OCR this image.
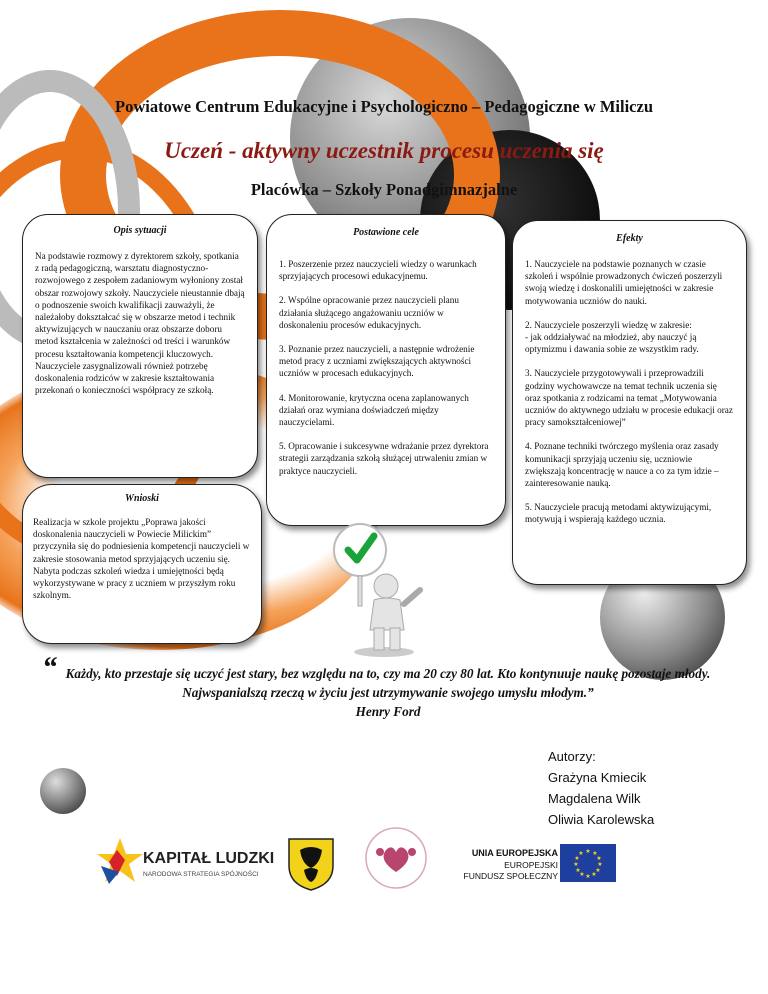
Powiatowe Centrum Edukacyjne i Psychologiczno – Pedagogiczne w Miliczu
Uczeń - aktywny uczestnik procesu uczenia się
Placówka – Szkoły Ponadgimnazjalne
Opis sytuacji
Na podstawie rozmowy z dyrektorem szkoły, spotkania z radą pedagogiczną, warsztatu diagnostyczno-rozwojowego z zespołem zadaniowym wyłoniony został obszar rozwojowy szkoły. Nauczyciele nieustannie dbają o podnoszenie swoich kwalifikacji zauważyli, że należałoby dokształcać się w obszarze metod i technik aktywizujących w nauczaniu oraz obszarze doboru metod kształcenia w zależności od treści i warunków procesu kształtowania kompetencji kluczowych. Nauczyciele zasygnalizowali również potrzebę doskonalenia rodziców w zakresie kształtowania przekonań o konieczności współpracy ze szkołą.
Wnioski
Realizacja w szkole projektu „Poprawa jakości doskonalenia nauczycieli w Powiecie Milickim” przyczyniła się do podniesienia kompetencji nauczycieli w zakresie stosowania metod sprzyjających uczeniu się. Nabyta podczas szkoleń wiedza i umiejętności będą wykorzystywane w pracy z uczniem w przyszłym roku szkolnym.
Postawione cele

1. Poszerzenie przez nauczycieli wiedzy o warunkach sprzyjających procesowi edukacyjnemu.

2. Wspólne opracowanie przez nauczycieli planu działania służącego angażowaniu uczniów w doskonaleniu procesów edukacyjnych.

3. Poznanie przez nauczycieli, a następnie wdrożenie metod pracy z uczniami zwiększających aktywności uczniów w procesach edukacyjnych.

4. Monitorowanie, krytyczna ocena zaplanowanych działań oraz wymiana doświadczeń między nauczycielami.

5. Opracowanie i sukcesywne wdrażanie przez dyrektora strategii zarządzania szkołą służącej utrwaleniu zmian w praktyce nauczycieli.

Efekty

1. Nauczyciele na podstawie poznanych w czasie szkoleń i wspólnie prowadzonych ćwiczeń poszerzyli swoją wiedzę i doskonalili umiejętności w zakresie motywowania uczniów do nauki.

2. Nauczyciele poszerzyli wiedzę w zakresie:
- jak oddziaływać na młodzież, aby nauczyć ją optymizmu i dawania sobie ze wszystkim rady.

3. Nauczyciele przygotowywali i przeprowadzili godziny wychowawcze na temat technik uczenia się oraz spotkania z rodzicami na temat „Motywowania uczniów do aktywnego udziału w procesie edukacji oraz pracy samokształceniowej”

4. Poznane techniki twórczego myślenia oraz zasady komunikacji sprzyjają uczeniu się, uczniowie zwiększają koncentrację w nauce a co za tym idzie – zainteresowanie nauką.

5. Nauczyciele pracują metodami aktywizującymi, motywują i wspierają każdego ucznia.

“ Każdy, kto przestaje się uczyć jest stary, bez względu na to, czy ma 20 czy 80 lat. Kto kontynuuje naukę pozostaje młody. Najwspanialszą rzeczą w życiu jest utrzymywanie swojego umysłu młodym.”
Henry Ford
Autorzy:
Grażyna Kmiecik
Magdalena Wilk
Oliwia Karolewska
KAPITAŁ LUDZKI
NARODOWA STRATEGIA SPÓJNOŚCI
UNIA EUROPEJSKA
EUROPEJSKI
FUNDUSZ SPOŁECZNY
★ ★
★
★
★
★
★
★
★
★
★
★
